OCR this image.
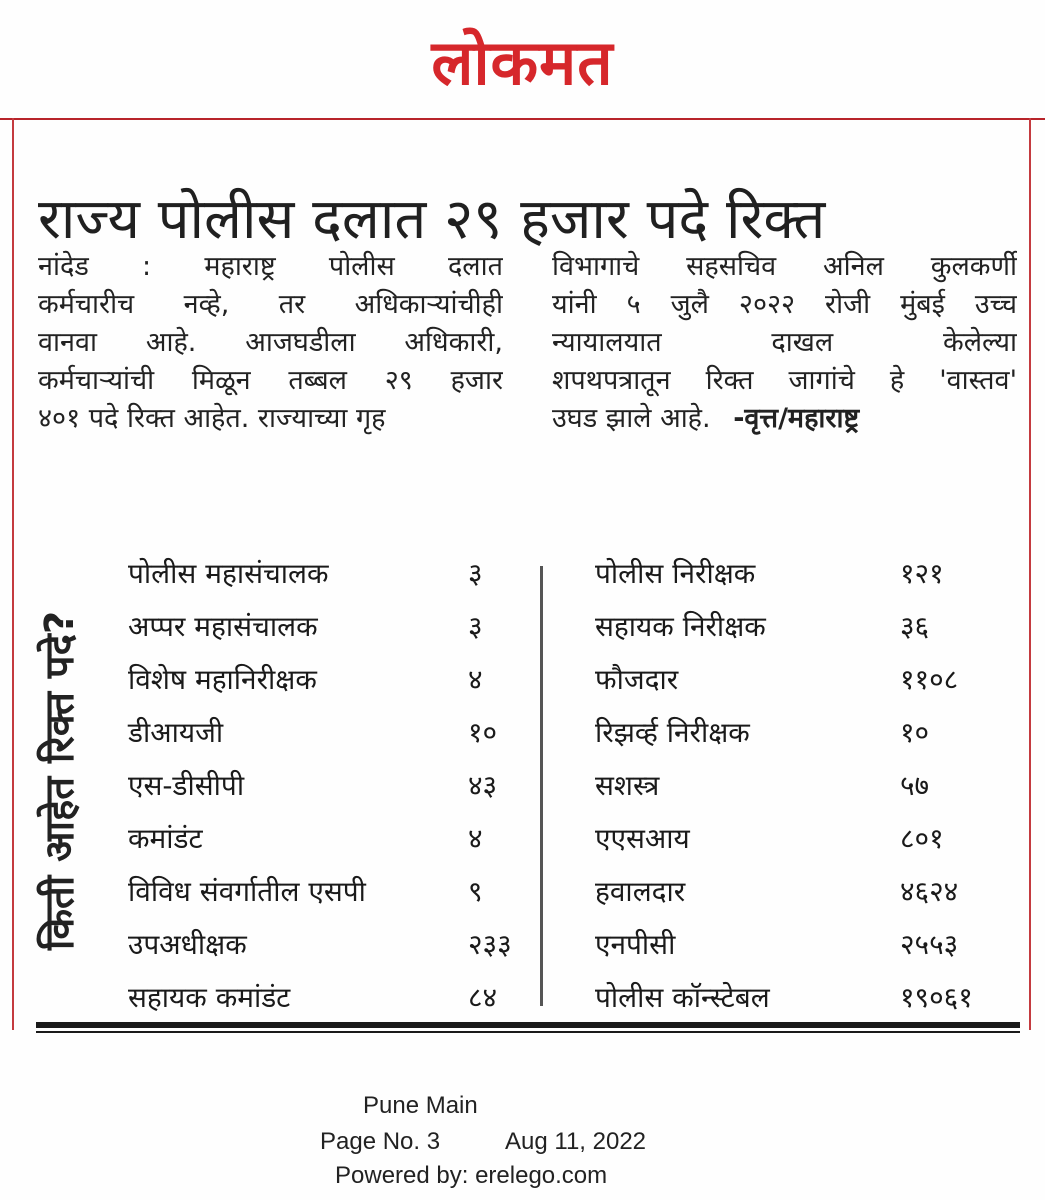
लोकमत
राज्य पोलीस दलात २९ हजार पदे रिक्त
नांदेड : महाराष्ट्र पोलीस दलात
कर्मचारीच नव्हे, तर अधिकाऱ्यांचीही
वानवा आहे. आजघडीला अधिकारी,
कर्मचाऱ्यांची मिळून तब्बल २९ हजार
४०१ पदे रिक्त आहेत. राज्याच्या गृह
विभागाचे सहसचिव अनिल कुलकर्णी
यांनी ५ जुलै २०२२ रोजी मुंबई उच्च
न्यायालयात दाखल केलेल्या
शपथपत्रातून रिक्त जागांचे हे 'वास्तव'
उघड झाले आहे. -वृत्त/महाराष्ट्र
किती आहेत रिक्त पदे?
पोलीस महासंचालक	३
अप्पर महासंचालक	३
विशेष महानिरीक्षक	४
डीआयजी	१०
एस-डीसीपी	४३
कमांडंट	४
विविध संवर्गातील एसपी	९
उपअधीक्षक	२३३
सहायक कमांडंट	८४
पोलीस निरीक्षक	१२१
सहायक निरीक्षक	३६
फौजदार	११०८
रिझर्व्ह निरीक्षक	१०
सशस्त्र	५७
एएसआय	८०१
हवालदार	४६२४
एनपीसी	२५५३
पोलीस कॉन्स्टेबल	१९०६१
Pune Main
Page No. 3	Aug 11, 2022
Powered by: erelego.com
